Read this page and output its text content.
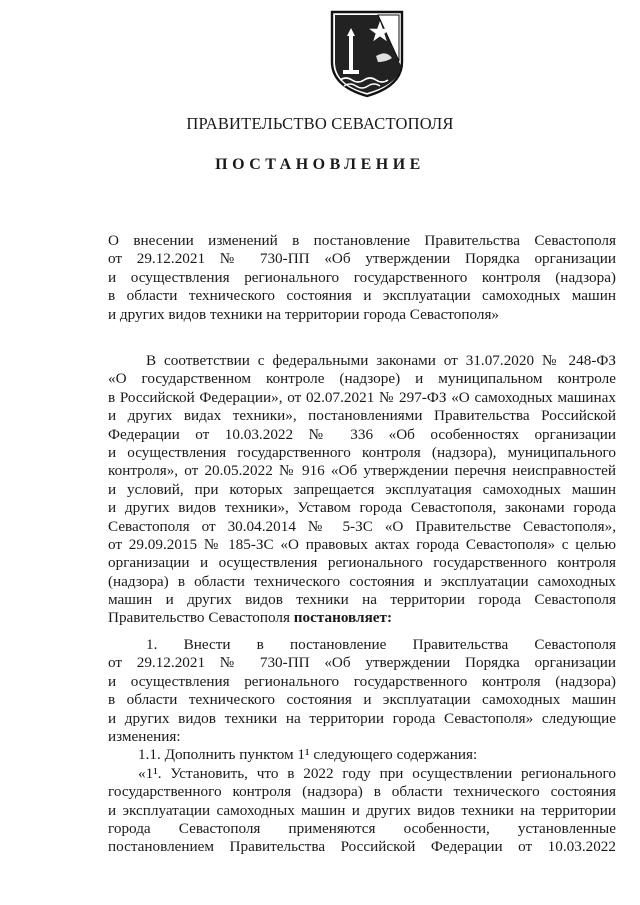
ПРАВИТЕЛЬСТВО СЕВАСТОПОЛЯ
ПОСТАНОВЛЕНИЕ
О внесении изменений в постановление Правительства Севастополя
от 29.12.2021 № 730-ПП «Об утверждении Порядка организации
и осуществления регионального государственного контроля (надзора)
в области технического состояния и эксплуатации самоходных машин
и других видов техники на территории города Севастополя»
В соответствии с федеральными законами от 31.07.2020 № 248-ФЗ
«О государственном контроле (надзоре) и муниципальном контроле
в Российской Федерации», от 02.07.2021 № 297-ФЗ «О самоходных машинах
и других видах техники», постановлениями Правительства Российской
Федерации от 10.03.2022 № 336 «Об особенностях организации
и осуществления государственного контроля (надзора), муниципального
контроля», от 20.05.2022 № 916 «Об утверждении перечня неисправностей
и условий, при которых запрещается эксплуатация самоходных машин
и других видов техники», Уставом города Севастополя, законами города
Севастополя от 30.04.2014 № 5-ЗС «О Правительстве Севастополя»,
от 29.09.2015 № 185-ЗС «О правовых актах города Севастополя» с целью
организации и осуществления регионального государственного контроля
(надзора) в области технического состояния и эксплуатации самоходных
машин и других видов техники на территории города Севастополя
Правительство Севастополя постановляет:
1. Внести в постановление Правительства Севастополя
от 29.12.2021 № 730-ПП «Об утверждении Порядка организации
и осуществления регионального государственного контроля (надзора)
в области технического состояния и эксплуатации самоходных машин
и других видов техники на территории города Севастополя» следующие
изменения:
1.1. Дополнить пунктом 1¹ следующего содержания:
«1¹. Установить, что в 2022 году при осуществлении регионального
государственного контроля (надзора) в области технического состояния
и эксплуатации самоходных машин и других видов техники на территории
города Севастополя применяются особенности, установленные
постановлением Правительства Российской Федерации от 10.03.2022
